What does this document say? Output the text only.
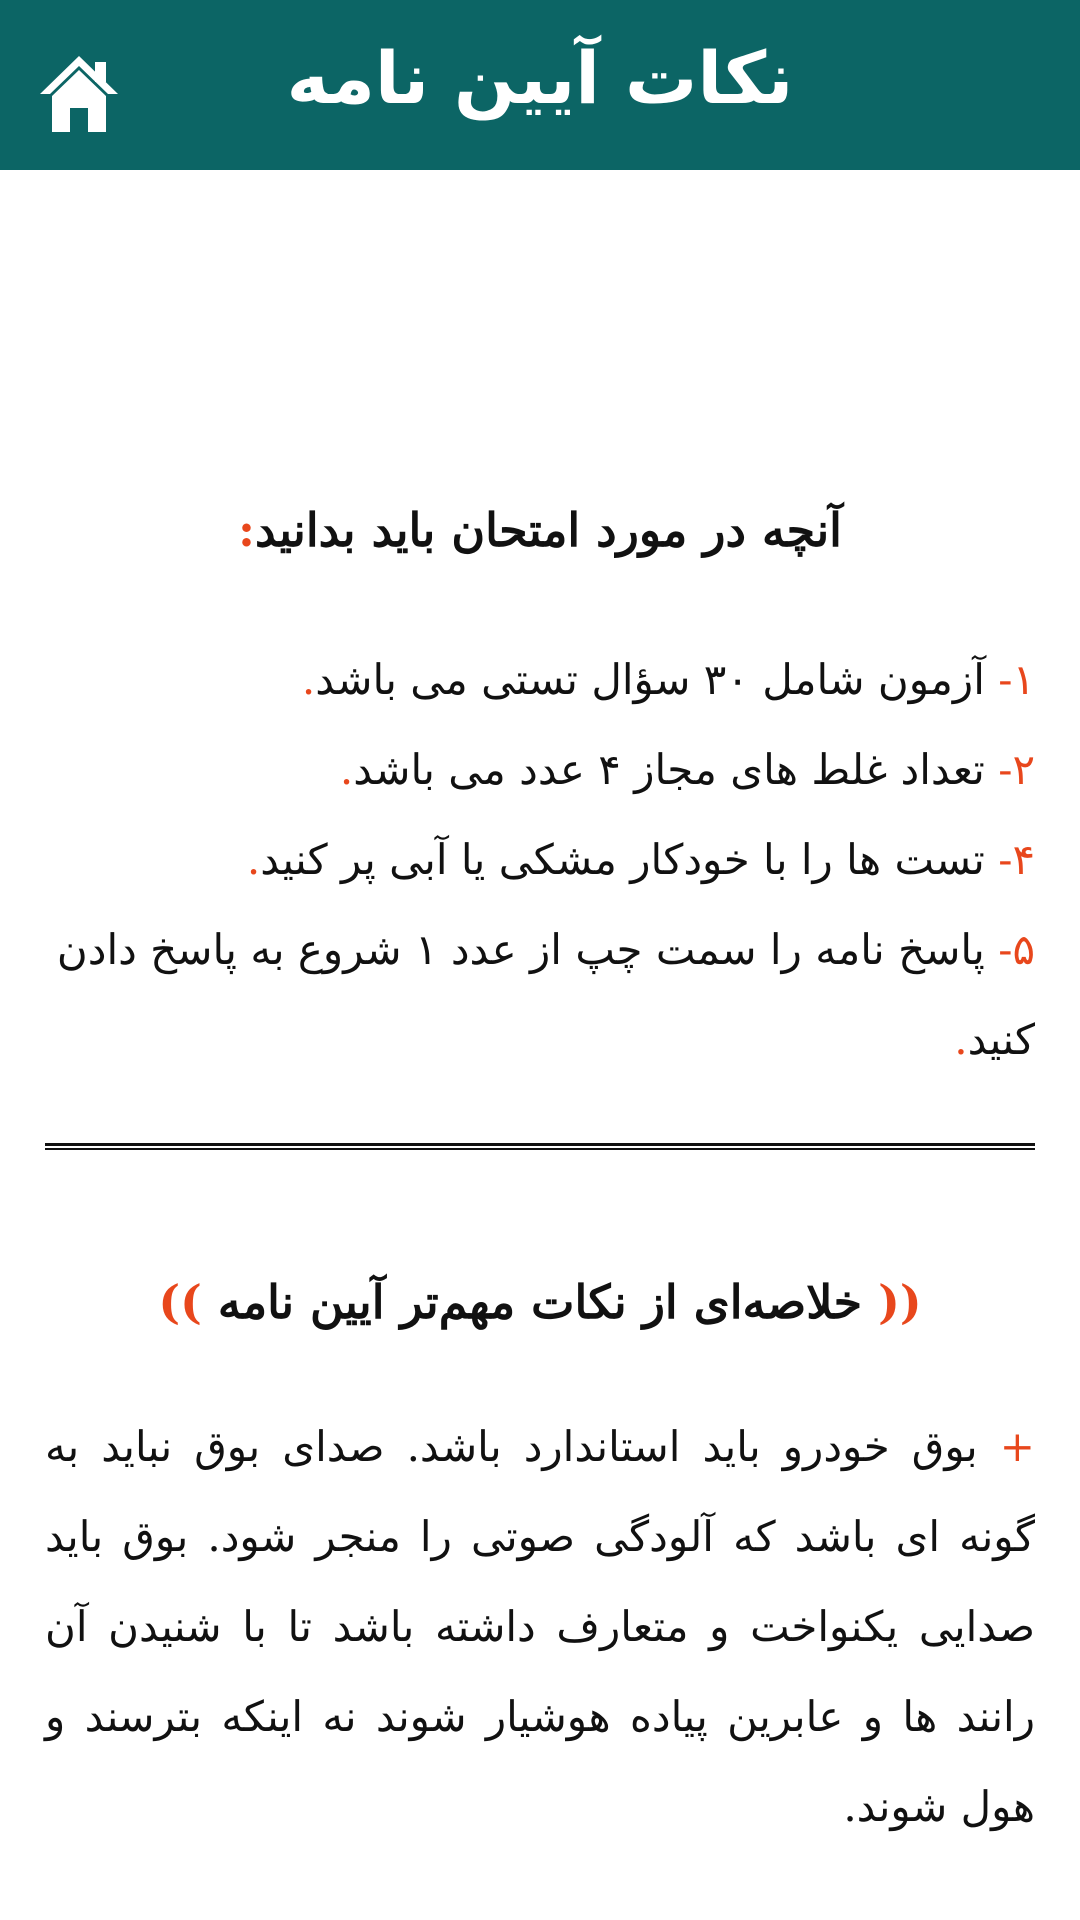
نکات آیین نامه
آنچه در مورد امتحان باید بدانید:
۱- آزمون شامل ۳۰ سؤال تستی می باشد.
۲- تعداد غلط های مجاز ۴ عدد می باشد.
۴- تست ها را با خودکار مشکی یا آبی پر کنید.
۵- پاسخ نامه را سمت چپ از عدد ۱ شروع به پاسخ دادن کنید.
(( خلاصه‌ای از نکات مهم‌تر آیین نامه ))
+ بوق خودرو باید استاندارد باشد. صدای بوق نباید به گونه ای باشد که آلودگی صوتی را منجر شود. بوق باید صدایی یکنواخت و متعارف داشته باشد تا با شنیدن آن رانند ها و عابرین پیاده هوشیار شوند نه اینکه بترسند و هول شوند.
